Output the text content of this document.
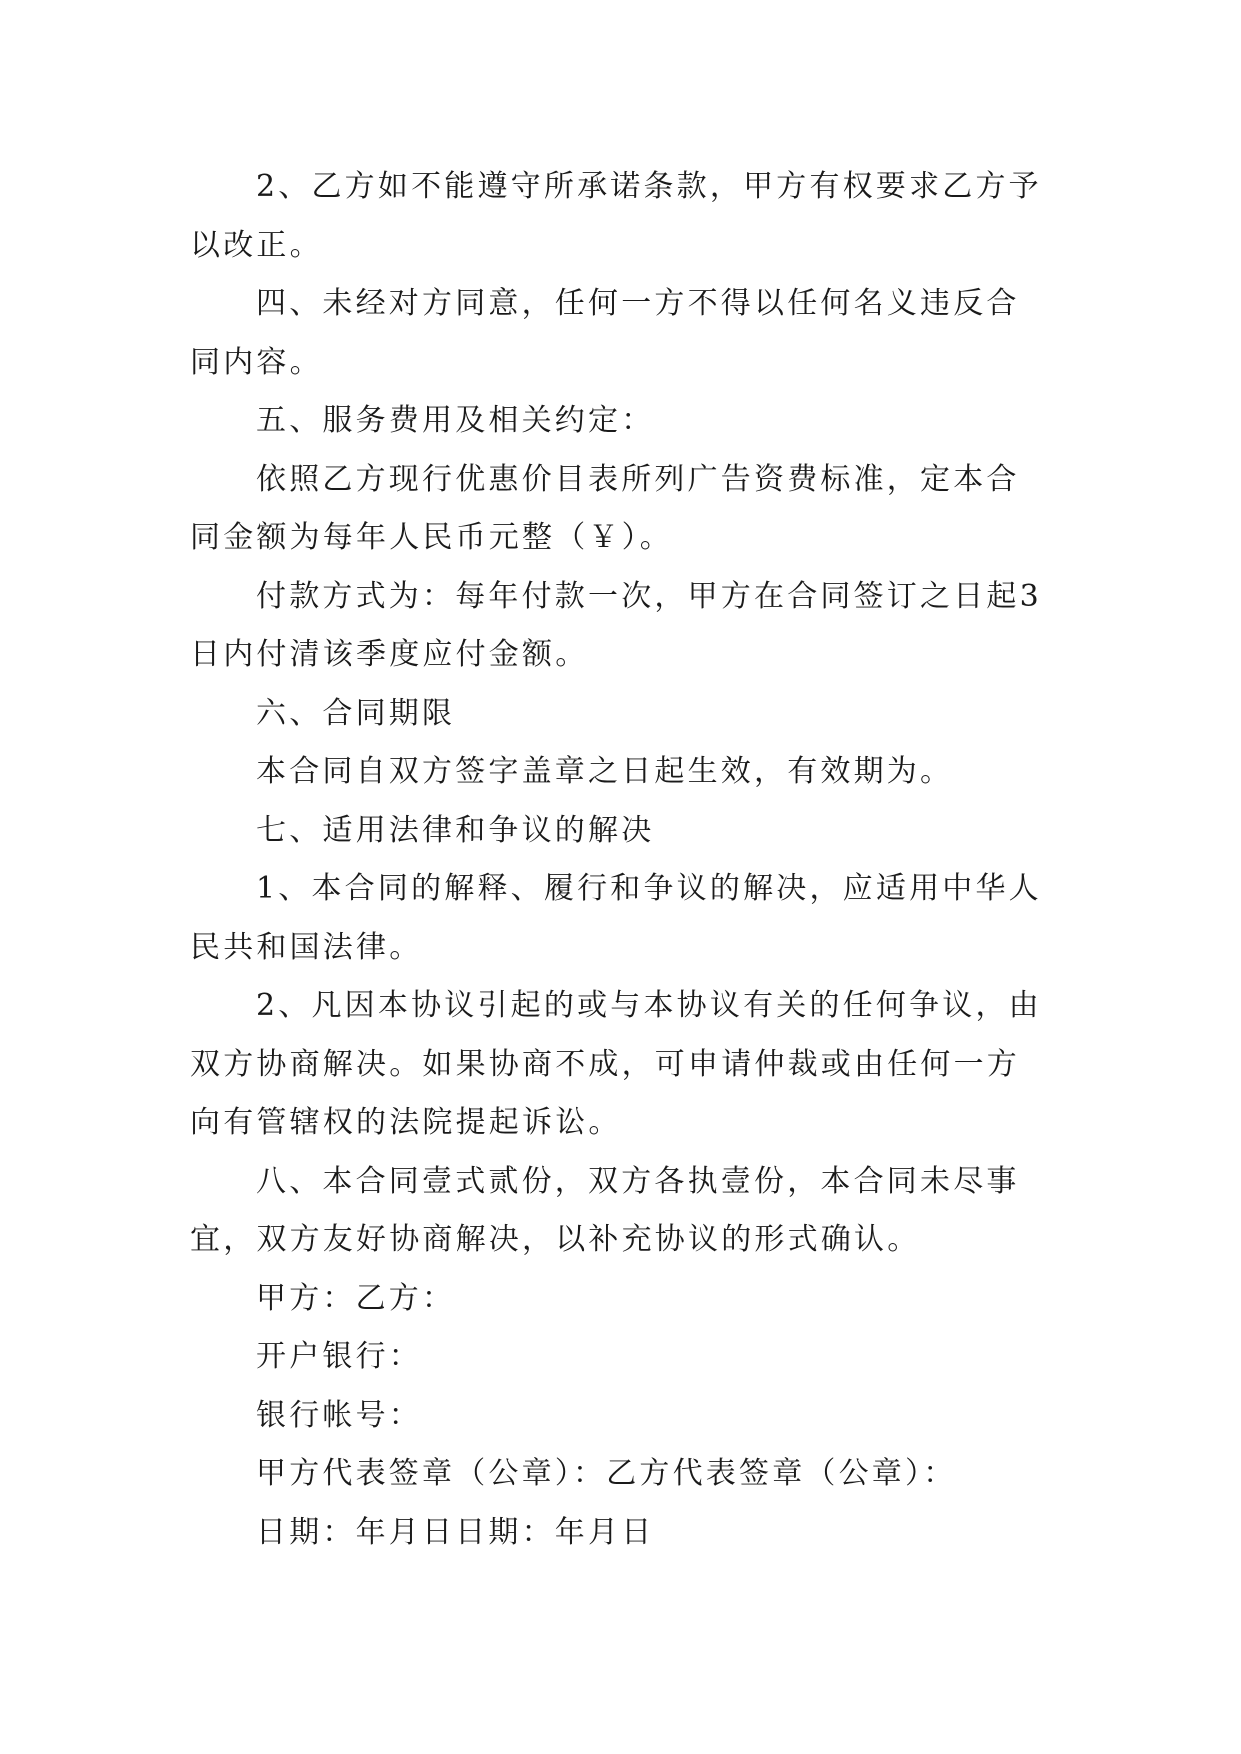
2、乙方如不能遵守所承诺条款，甲方有权要求乙方予以改正。

四、未经对方同意，任何一方不得以任何名义违反合同内容。

五、服务费用及相关约定：

依照乙方现行优惠价目表所列广告资费标准，定本合同金额为每年人民币元整（￥）。

付款方式为：每年付款一次，甲方在合同签订之日起3日内付清该季度应付金额。

六、合同期限

本合同自双方签字盖章之日起生效，有效期为。

七、适用法律和争议的解决

1、本合同的解释、履行和争议的解决，应适用中华人民共和国法律。

2、凡因本协议引起的或与本协议有关的任何争议，由双方协商解决。如果协商不成，可申请仲裁或由任何一方向有管辖权的法院提起诉讼。

八、本合同壹式贰份，双方各执壹份，本合同未尽事宜，双方友好协商解决，以补充协议的形式确认。

甲方：乙方：

开户银行：

银行帐号：

甲方代表签章（公章）：乙方代表签章（公章）：

日期：年月日日期：年月日
